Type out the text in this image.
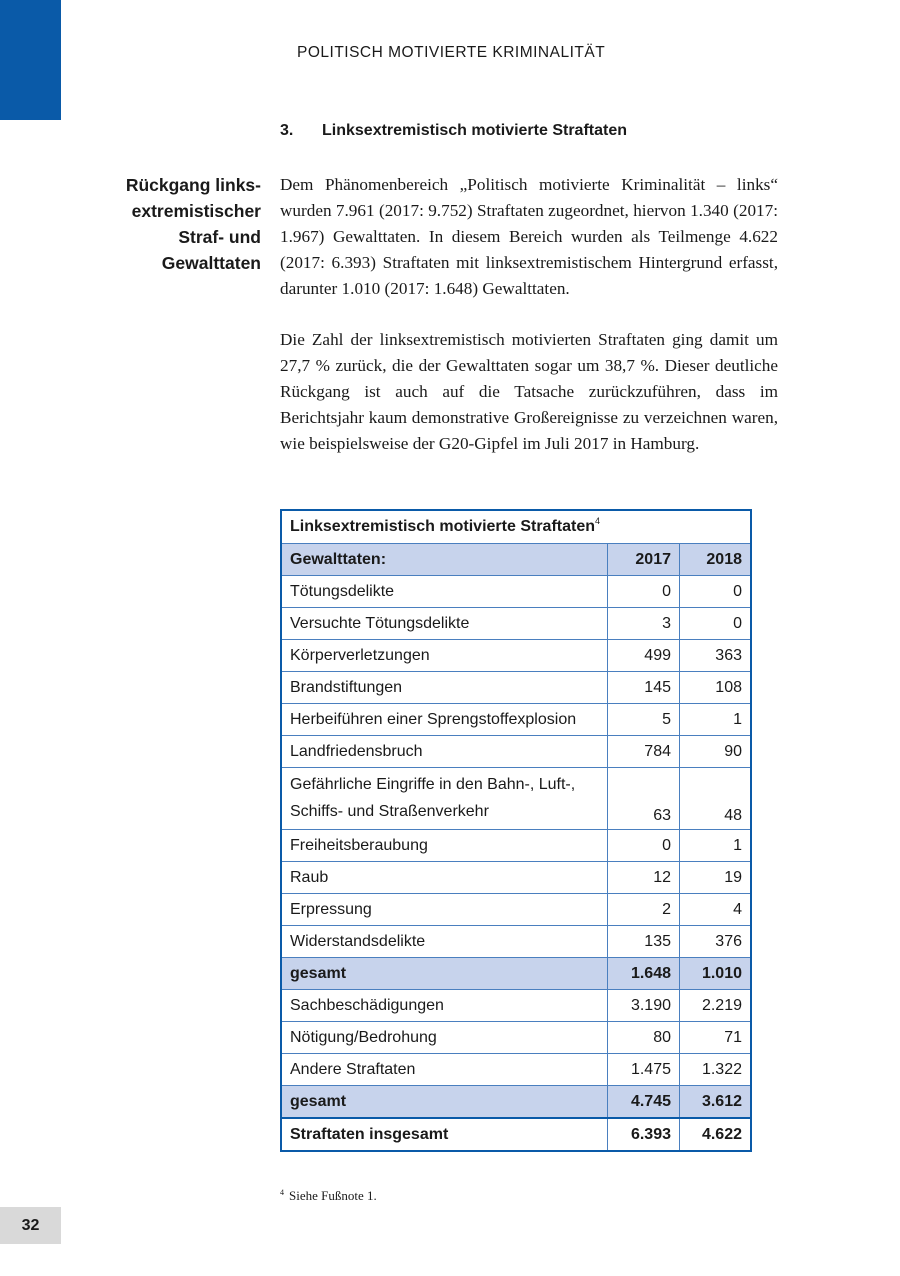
POLITISCH MOTIVIERTE KRIMINALITÄT
3. Linksextremistisch motivierte Straftaten
Rückgang links-
extremistischer
Straf- und
Gewalttaten
Dem Phänomenbereich „Politisch motivierte Kriminalität – links“ wurden 7.961 (2017: 9.752) Straftaten zugeordnet, hiervon 1.340 (2017: 1.967) Gewalttaten. In diesem Bereich wurden als Teilmenge 4.622 (2017: 6.393) Straftaten mit linksextremistischem Hintergrund erfasst, darunter 1.010 (2017: 1.648) Gewalttaten.
Die Zahl der linksextremistisch motivierten Straftaten ging damit um 27,7 % zurück, die der Gewalttaten sogar um 38,7 %. Dieser deutliche Rückgang ist auch auf die Tatsache zurückzuführen, dass im Berichtsjahr kaum demonstrative Großereignisse zu verzeichnen waren, wie beispielsweise der G20-Gipfel im Juli 2017 in Hamburg.
Linksextremistisch motivierte Straftaten$^4$
Gewalttaten:	2017	2018
Tötungsdelikte	0	0
Versuchte Tötungsdelikte	3	0
Körperverletzungen	499	363
Brandstiftungen	145	108
Herbeiführen einer Sprengstoffexplosion	5	1
Landfriedensbruch	784	90

Gefährliche Eingriffe in den Bahn-, Luft-,
Schiffs- und Straßenverkehr	63	48
Freiheitsberaubung	0	1
Raub	12	19
Erpressung	2	4
Widerstandsdelikte	135	376
gesamt	1.648	1.010
Sachbeschädigungen	3.190	2.219
Nötigung/Bedrohung	80	71
Andere Straftaten	1.475	1.322
gesamt	4.745	3.612
Straftaten insgesamt	6.393	4.622
$^4$ Siehe Fußnote 1.
32
